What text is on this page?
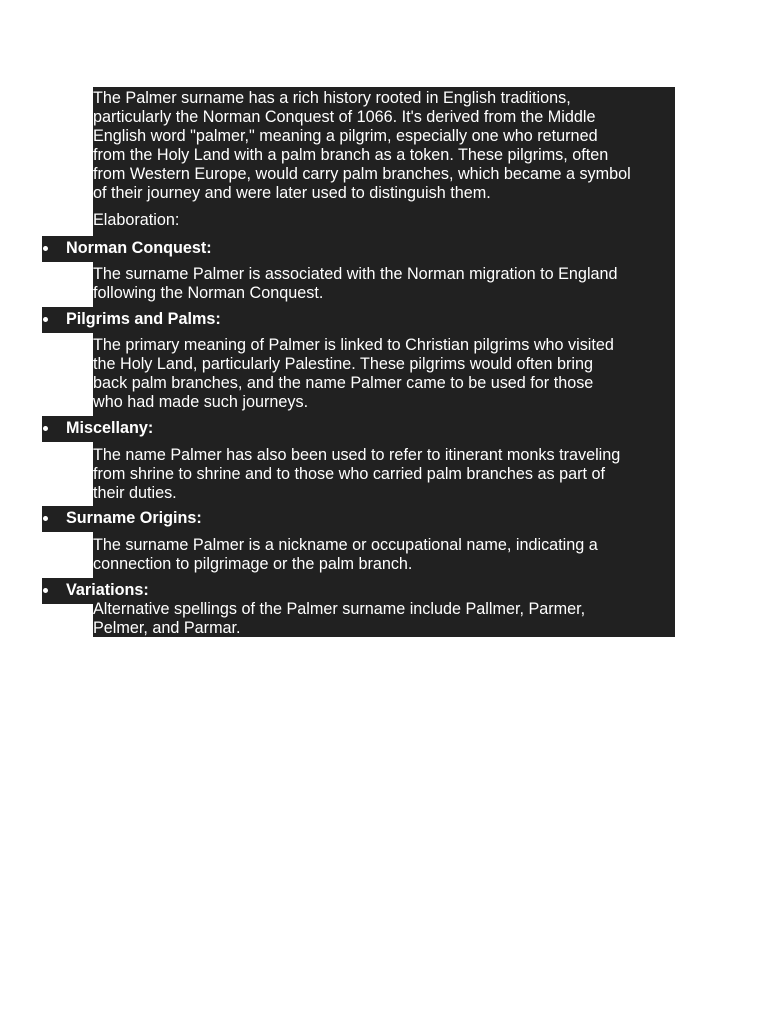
The Palmer surname has a rich history rooted in English traditions,
particularly the Norman Conquest of 1066. It's derived from the Middle
English word "palmer," meaning a pilgrim, especially one who returned
from the Holy Land with a palm branch as a token. These pilgrims, often
from Western Europe, would carry palm branches, which became a symbol
of their journey and were later used to distinguish them.

Elaboration:

Norman Conquest:

The surname Palmer is associated with the Norman migration to England
following the Norman Conquest.

Pilgrims and Palms:

The primary meaning of Palmer is linked to Christian pilgrims who visited
the Holy Land, particularly Palestine. These pilgrims would often bring
back palm branches, and the name Palmer came to be used for those
who had made such journeys.

Miscellany:

The name Palmer has also been used to refer to itinerant monks traveling
from shrine to shrine and to those who carried palm branches as part of
their duties.

Surname Origins:

The surname Palmer is a nickname or occupational name, indicating a
connection to pilgrimage or the palm branch.

Variations:

Alternative spellings of the Palmer surname include Pallmer, Parmer,
Pelmer, and Parmar.
